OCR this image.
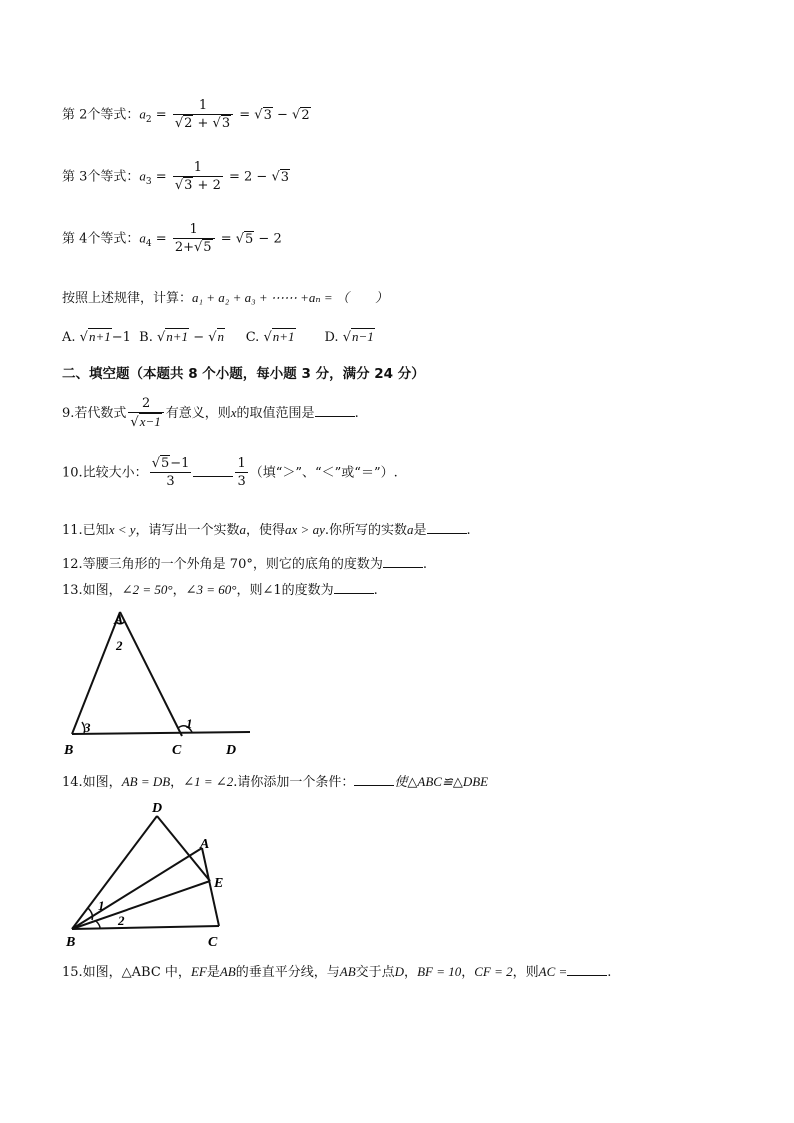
第 2个等式：$a_2 = \frac{1}{√2 + √3} = √3 - √2$
第 3个等式：$a_3 = \frac{1}{√3 + 2} = 2 - √3$
第 4个等式：$a_4 = \frac{1}{2+√5} = √5 - 2$
按照上述规律，计算：a₁ + a₂ + a₃ + ⋯⋯ +aₙ = （　　）
A. √n+1−1 B. √n+1 − √n C. √n+1 D. √n−1
二、填空题（本题共 8 个小题，每小题 3 分，满分 24 分）
9.若代数式 $\frac{2}{√x-1}$ 有意义，则x的取值范围是	.
10.比较大小： $\frac{√5-1}{3}$	$\frac{1}{3}$ （填“＞”、“＜”或“＝”）.
11.已知x < y，请写出一个实数a，使得ax > ay.你所写的实数a是	.
12.等腰三角形的一个外角是 70°，则它的底角的度数为	.
13.如图，∠2 = 50°，∠3 = 60°，则∠1的度数为	.
A
2
3	1
B	C	D
14.如图，AB = DB，∠1 = ∠2.请你添加一个条件：	使△ABC≌△DBE
D
A
E
1
2
B	C
15.如图，△ABC 中，EF是AB的垂直平分线，与AB交于点D，BF = 10，CF = 2，则AC =	.
